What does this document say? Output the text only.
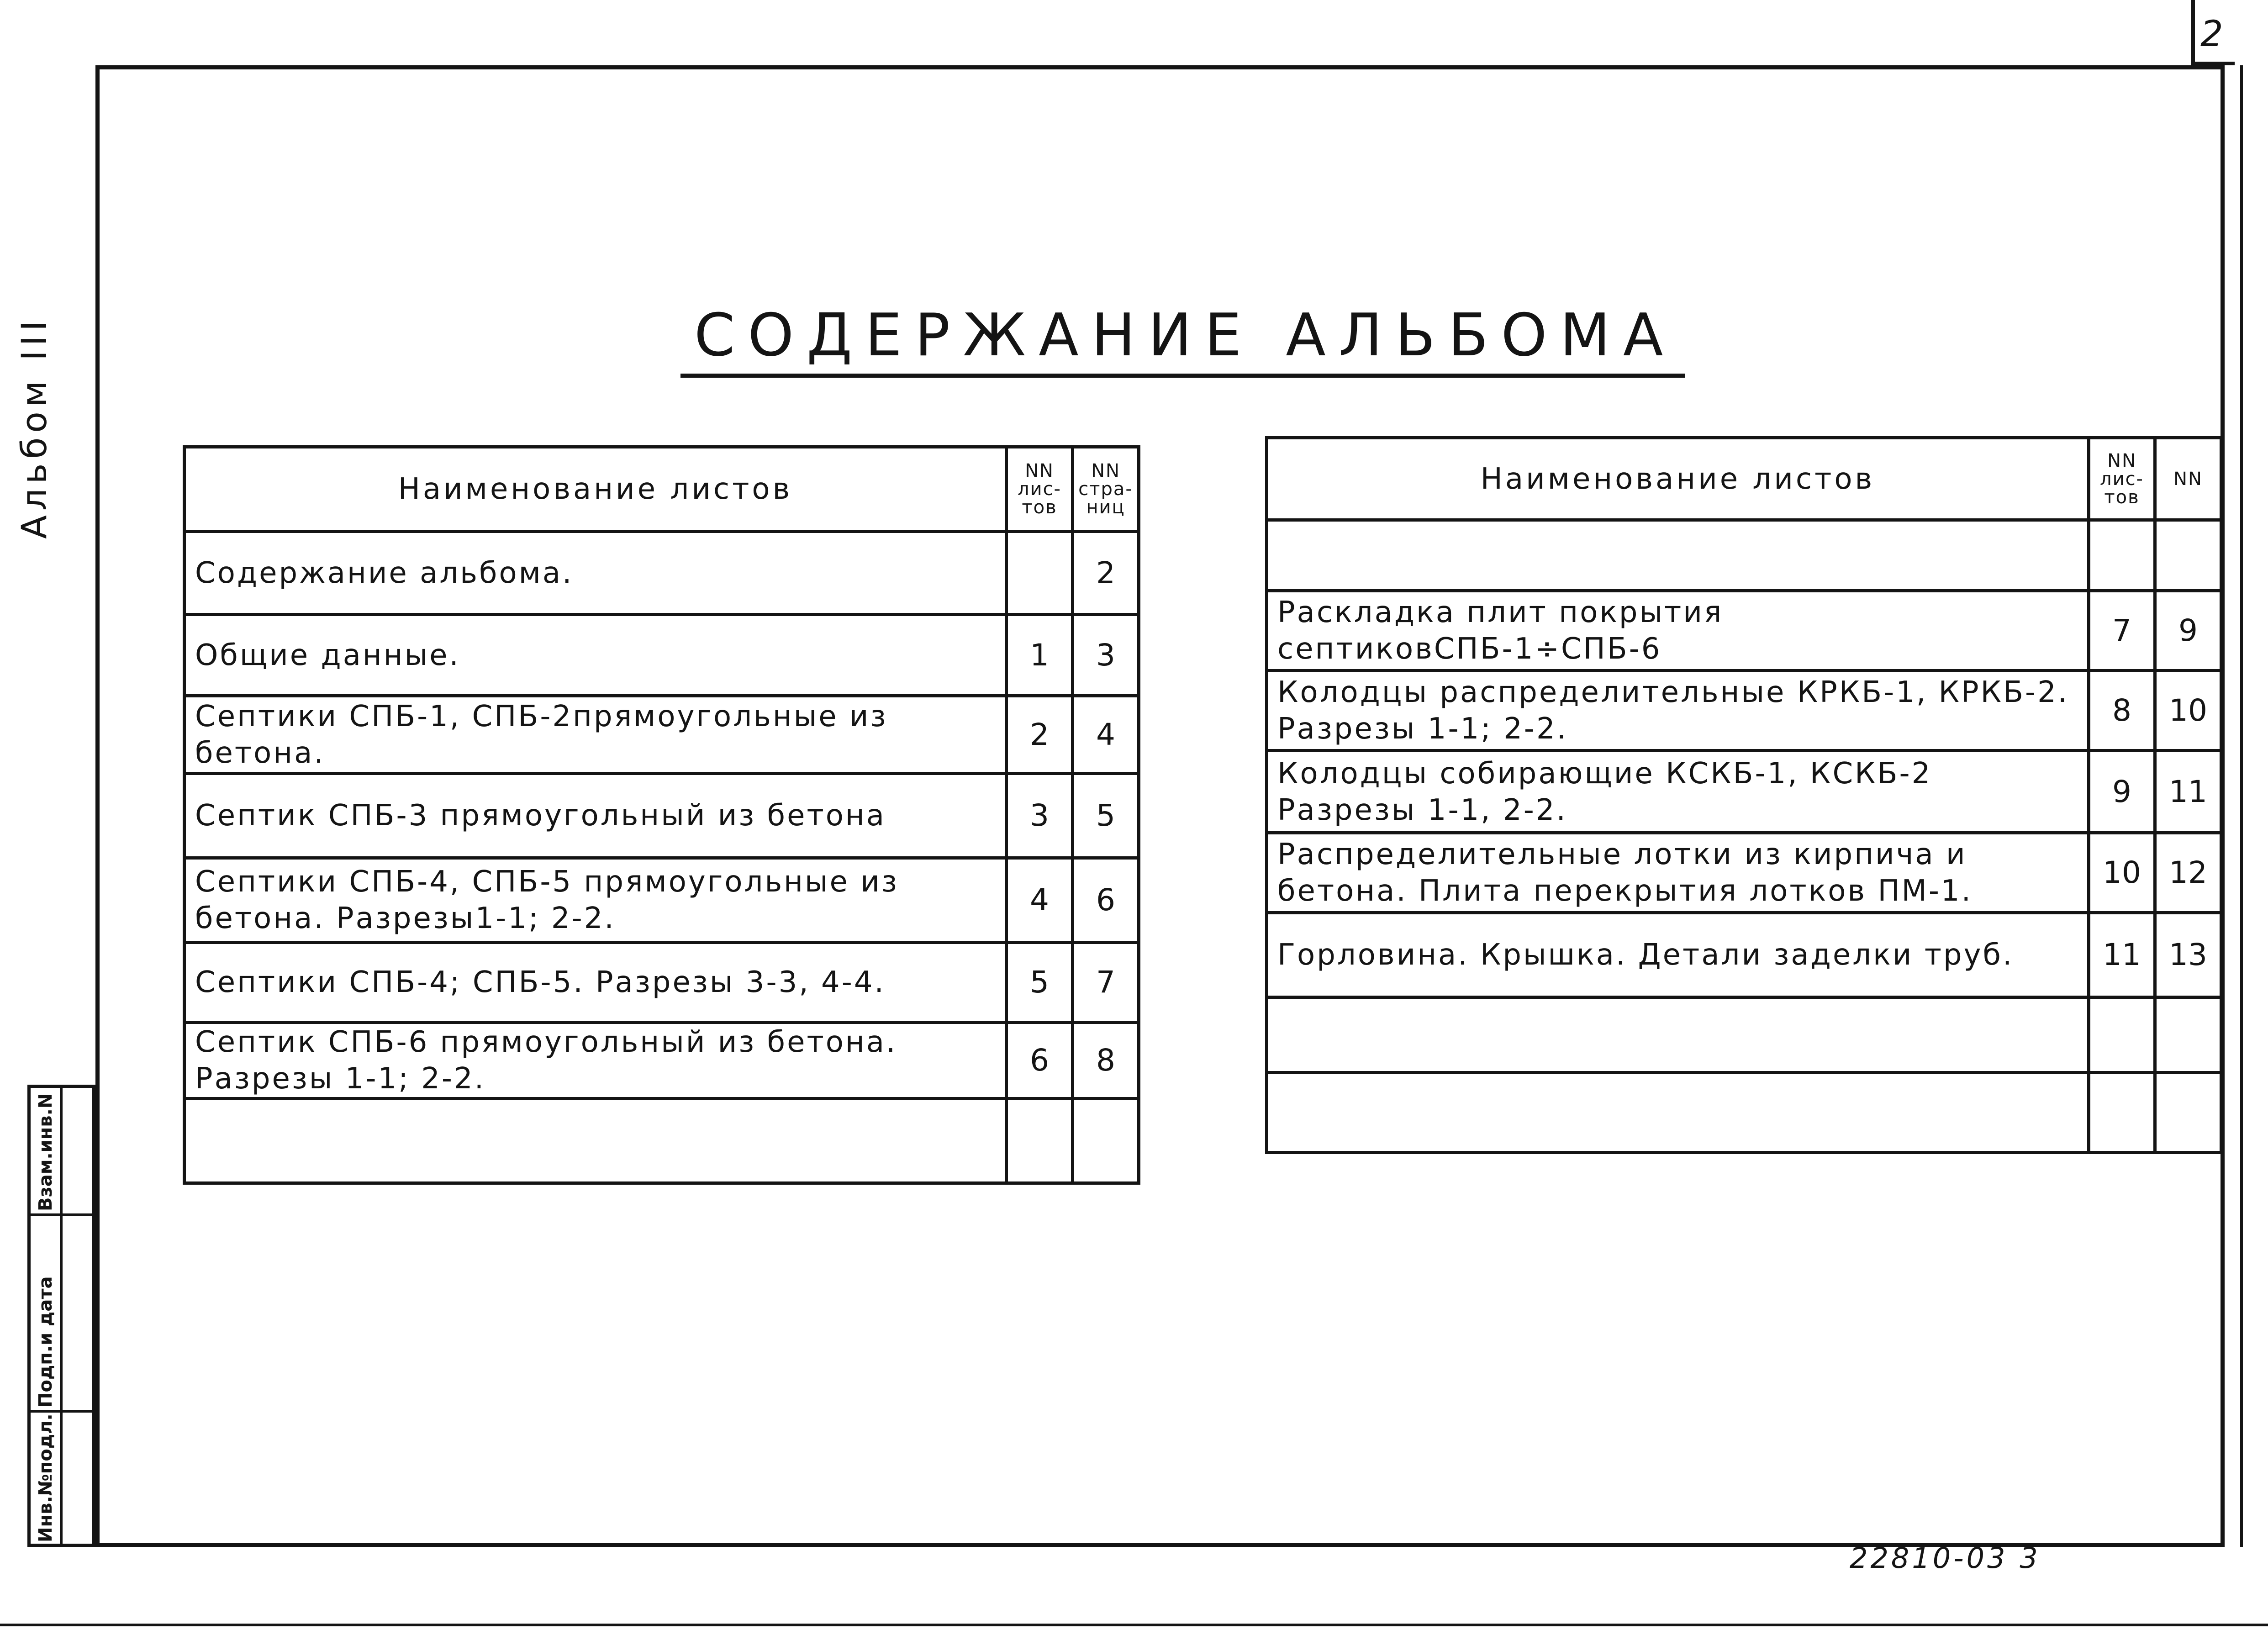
2
Альбом III
Инв.№подл.
Подп.и дата
Взам.инв.N
СОДЕРЖАНИЕ АЛЬБОМА
Наименование листов	NN лис-тов	NN стра-ниц
Содержание альбома.		2
Общие данные.	1	3
Септики СПБ-1, СПБ-2прямоугольные из бетона.	2	4
Септик СПБ-3 прямоугольный из бетона	3	5
Септики СПБ-4, СПБ-5 прямоугольные из бетона. Разрезы1-1; 2-2.	4	6
Септики СПБ-4; СПБ-5. Разрезы 3-3, 4-4.	5	7
Септик СПБ-6 прямоугольный из бетона. Разрезы 1-1; 2-2.	6	8

Наименование листов	NN лис-тов	NN

Раскладка плит покрытия септиковСПБ-1÷СПБ-6	7	9
Колодцы распределительные КРКБ-1, КРКБ-2. Разрезы 1-1; 2-2.	8	10
Колодцы собирающие КСКБ-1, КСКБ-2 Разрезы 1-1, 2-2.	9	11
Распределительные лотки из кирпича и бетона. Плита перекрытия лотков ПМ-1.	10	12
Горловина. Крышка. Детали заделки труб.	11	13

22810-03 3
